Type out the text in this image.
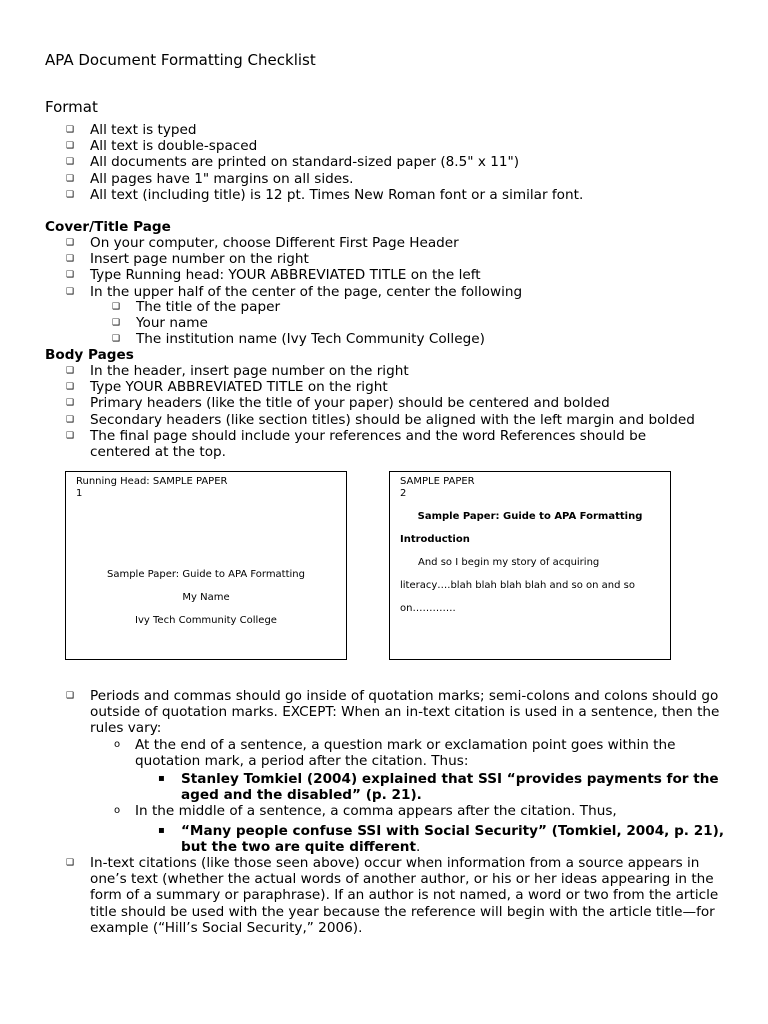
APA Document Formatting Checklist
Format
❑	All text is typed
❑	All text is double-spaced
❑	All documents are printed on standard-sized paper (8.5" x 11")
❑	All pages have 1" margins on all sides.
❑	All text (including title) is 12 pt. Times New Roman font or a similar font.
Cover/Title Page
❑	On your computer, choose Different First Page Header
❑	Insert page number on the right
❑	Type Running head: YOUR ABBREVIATED TITLE on the left
❑	In the upper half of the center of the page, center the following
❑	The title of the paper
❑	Your name
❑	The institution name (Ivy Tech Community College)
Body Pages
❑	In the header, insert page number on the right
❑	Type YOUR ABBREVIATED TITLE on the right
❑	Primary headers (like the title of your paper) should be centered and bolded
❑	Secondary headers (like section titles) should be aligned with the left margin and bolded
❑	The final page should include your references and the word References should be centered at the top.
Running Head: SAMPLE PAPER
1
Sample Paper: Guide to APA Formatting
My Name
Ivy Tech Community College
SAMPLE PAPER
2
Sample Paper: Guide to APA Formatting
Introduction
And so I begin my story of acquiring
literacy….blah blah blah blah and so on and so
on………….
❑	Periods and commas should go inside of quotation marks; semi-colons and colons should go outside of quotation marks. EXCEPT: When an in-text citation is used in a sentence, then the rules vary:
o At the end of a sentence, a question mark or exclamation point goes within the quotation mark, a period after the citation. Thus:
▪ Stanley Tomkiel (2004) explained that SSI “provides payments for the aged and the disabled” (p. 21).
o In the middle of a sentence, a comma appears after the citation. Thus,
▪ “Many people confuse SSI with Social Security” (Tomkiel, 2004, p. 21), but the two are quite different.
❑	In-text citations (like those seen above) occur when information from a source appears in one’s text (whether the actual words of another author, or his or her ideas appearing in the form of a summary or paraphrase). If an author is not named, a word or two from the article title should be used with the year because the reference will begin with the article title—for example (“Hill’s Social Security,” 2006).
